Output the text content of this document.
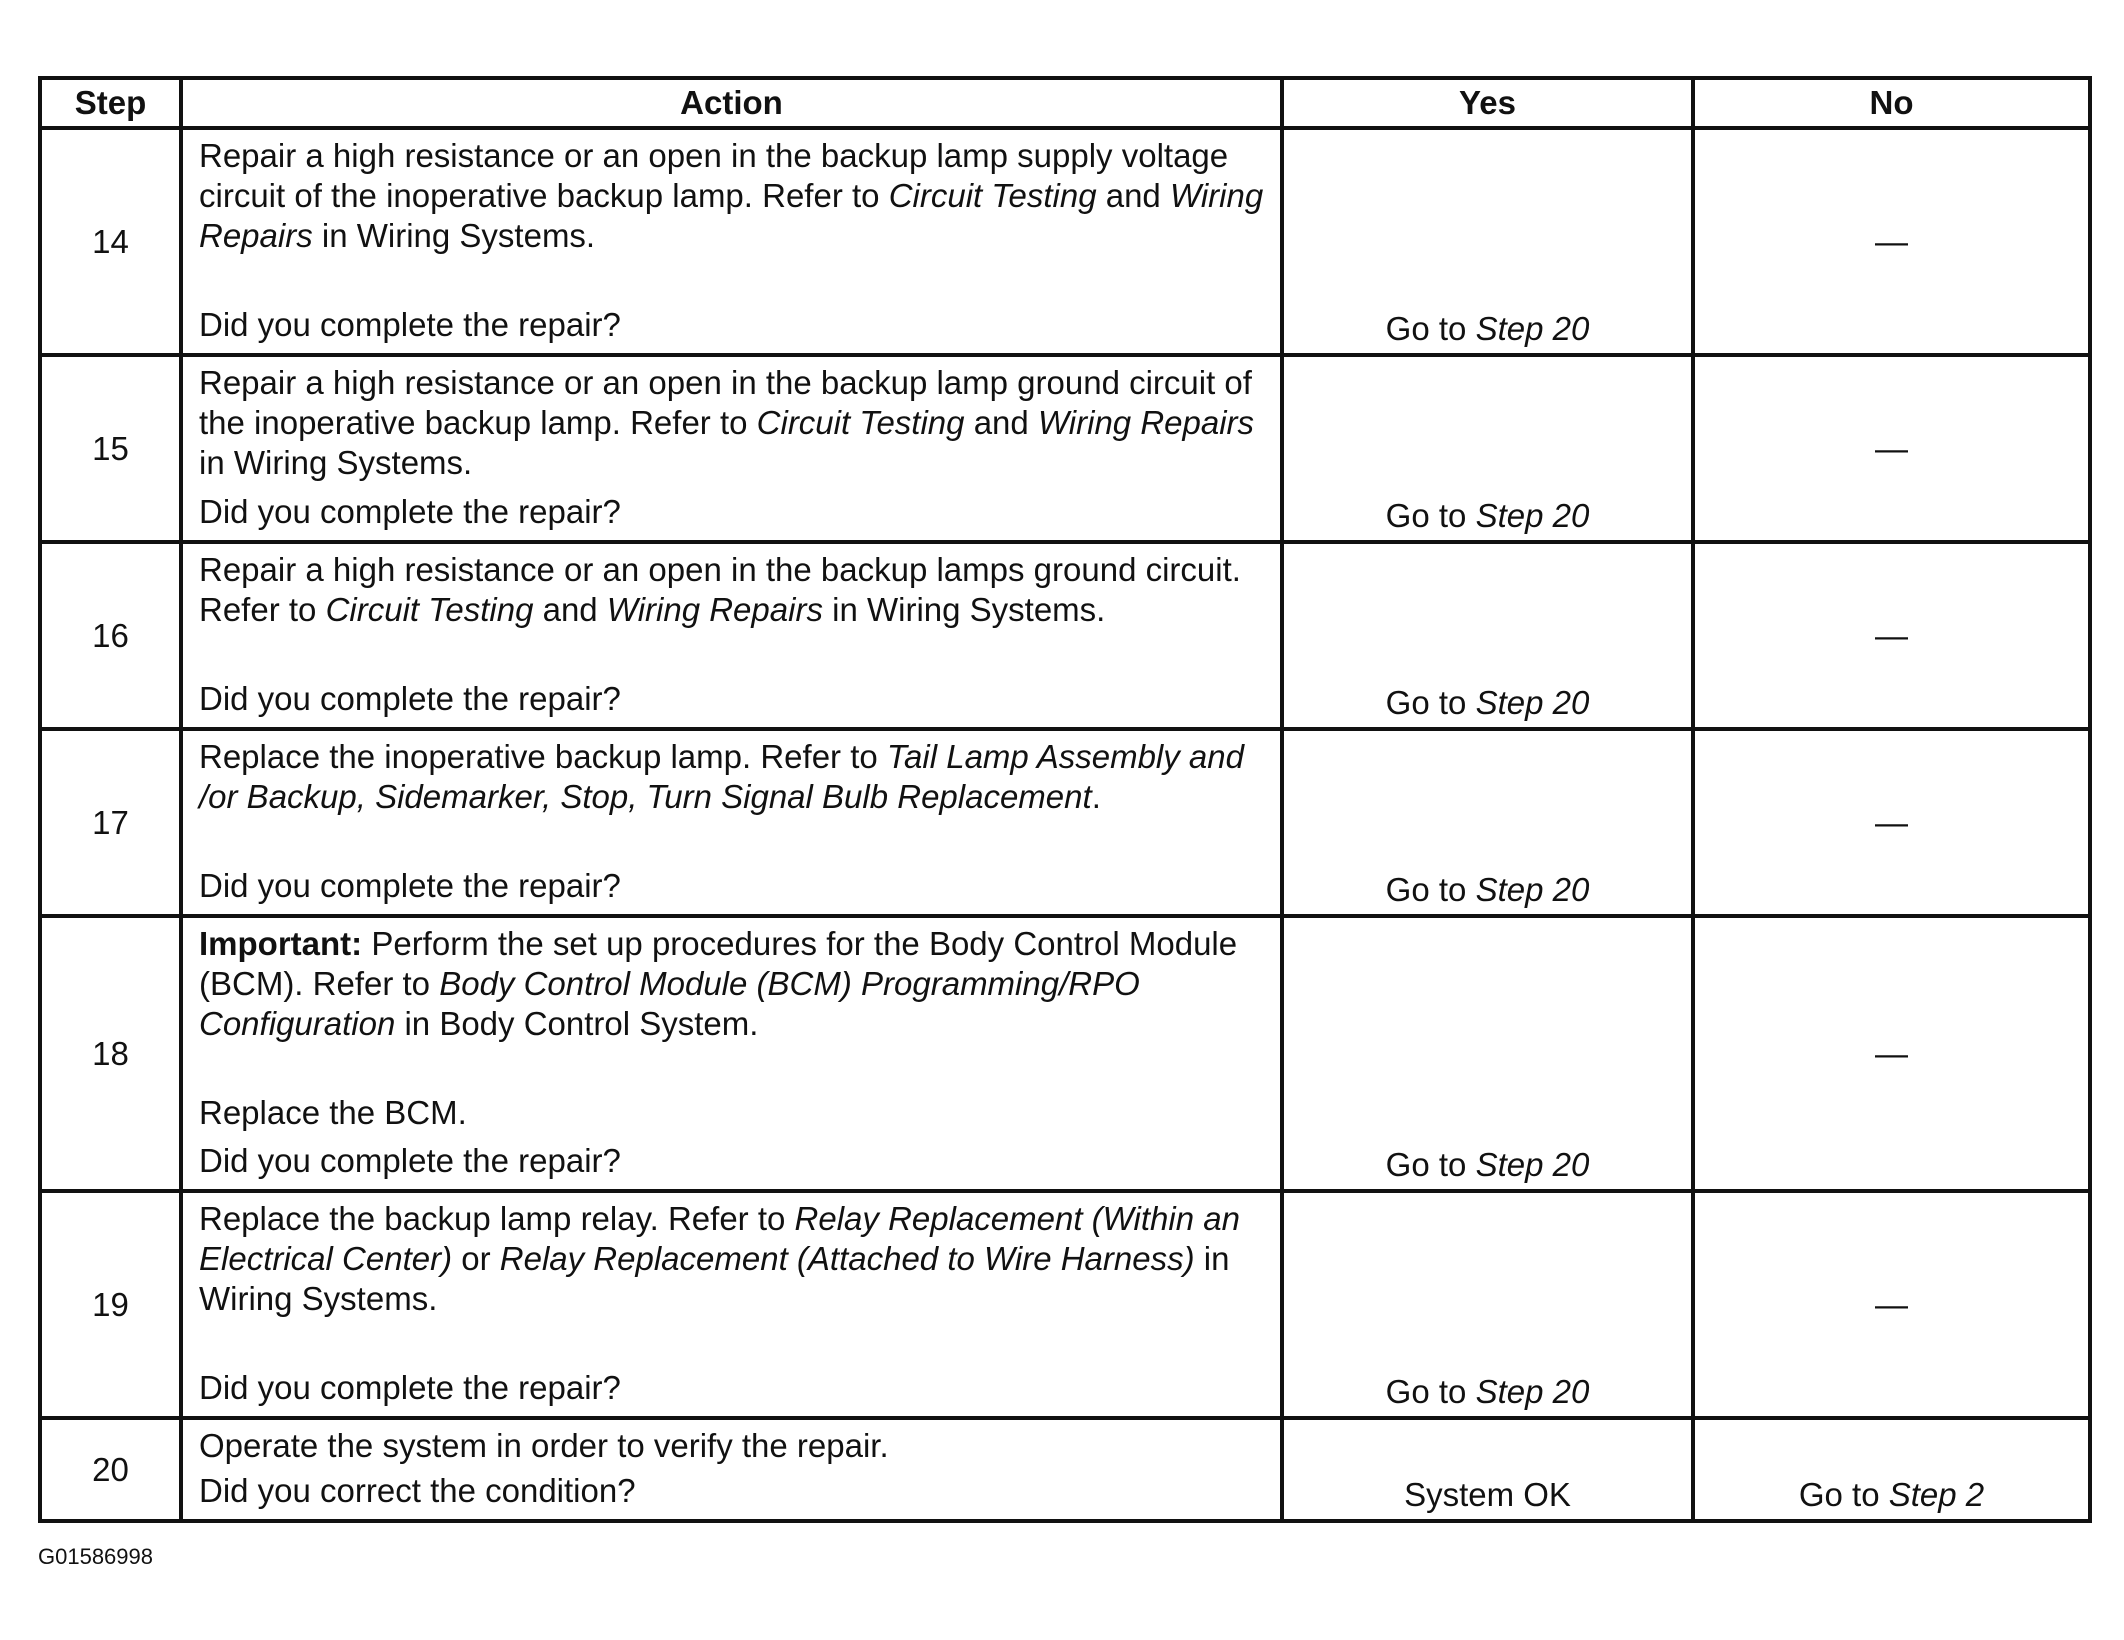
Step	Action	Yes	No
14	Repair a high resistance or an open in the backup lamp supply voltage circuit of the inoperative backup lamp. Refer to Circuit Testing and Wiring Repairs in Wiring Systems.
Did you complete the repair?	Go to Step 20	—
15	Repair a high resistance or an open in the backup lamp ground circuit of the inoperative backup lamp. Refer to Circuit Testing and Wiring Repairs in Wiring Systems.
Did you complete the repair?	Go to Step 20	—
16	Repair a high resistance or an open in the backup lamps ground circuit. Refer to Circuit Testing and Wiring Repairs in Wiring Systems.
Did you complete the repair?	Go to Step 20	—
17	Replace the inoperative backup lamp. Refer to Tail Lamp Assembly and /or Backup, Sidemarker, Stop, Turn Signal Bulb Replacement.
Did you complete the repair?	Go to Step 20	—
18	Important: Perform the set up procedures for the Body Control Module (BCM). Refer to Body Control Module (BCM) Programming/RPO Configuration in Body Control System.
Replace the BCM.
Did you complete the repair?	Go to Step 20	—
19	Replace the backup lamp relay. Refer to Relay Replacement (Within an Electrical Center) or Relay Replacement (Attached to Wire Harness) in Wiring Systems.
Did you complete the repair?	Go to Step 20	—
20	Operate the system in order to verify the repair.
Did you correct the condition?	System OK	Go to Step 2
G01586998
